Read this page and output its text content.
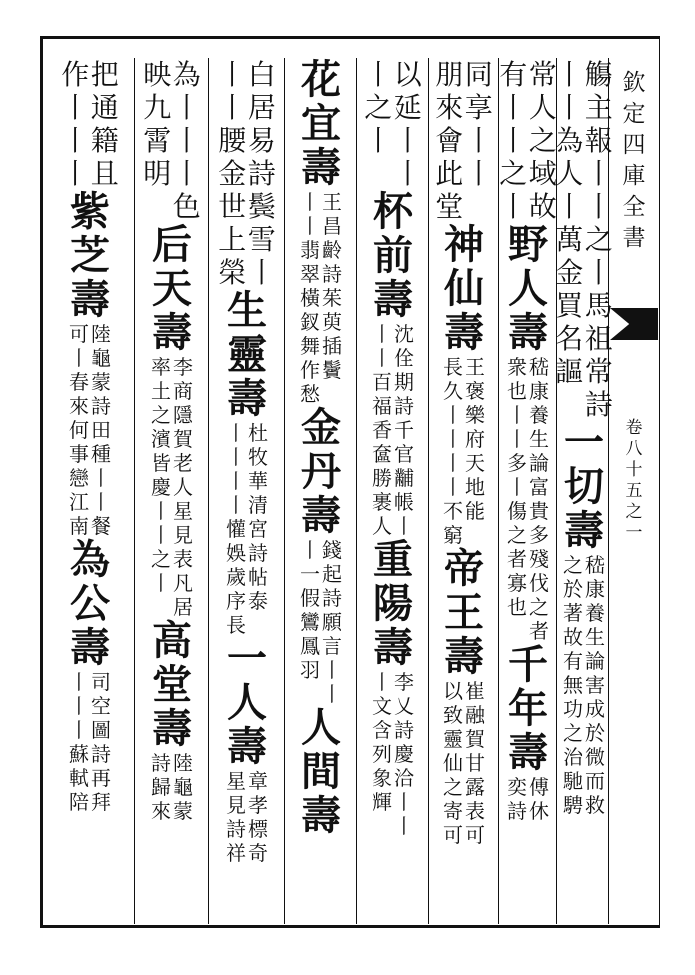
欽定四庫全書
卷八十五之一
觴主報丨丨之丨馬祖常詩
丨丨為人丨萬金買名謳
一切壽
嵇康養生論害成於微而救
之於著故有無功之治馳騁
常人之域故
有丨丨之丨
野人壽
嵇康養生論富貴多殘伐之者
衆也丨丨多丨傷之者寡也
千年壽
傅休
奕詩
同享丨丨
朋來會此堂
神仙壽
王褒樂府天地能
長久丨丨丨丨不窮
帝王壽
崔融賀甘露表可
以致靈仙之寄可
以延丨丨
丨之丨
杯前壽
沈佺期詩千官黼帳丨
丨丨百福香奩勝裹人
重陽壽
李乂詩慶洽丨丨
丨文含列象輝
花宜壽
王昌齡詩茱萸插鬢
丨丨翡翠橫釵舞作愁
金丹壽
錢起詩願言丨丨
丨一假鸞鳳羽
人間壽
白居易詩鬓雪丨
丨丨腰金世上榮
生靈壽
杜牧華清宮詩帖泰
丨丨丨丨懽娛歲序長
一人壽
章孝標奇
星見詩祥
為丨丨丨色
映九霄明
后天壽
李商隱賀老人星見表凡居
率土之濱皆慶丨丨之丨
高堂壽
陸龜蒙
詩歸來
把通籍且
作丨丨丨
紫芝壽
陸龜蒙詩田種丨丨餐
可丨春來何事戀江南
為公壽
司空圖詩再拜
丨丨丨蘇軾陪
